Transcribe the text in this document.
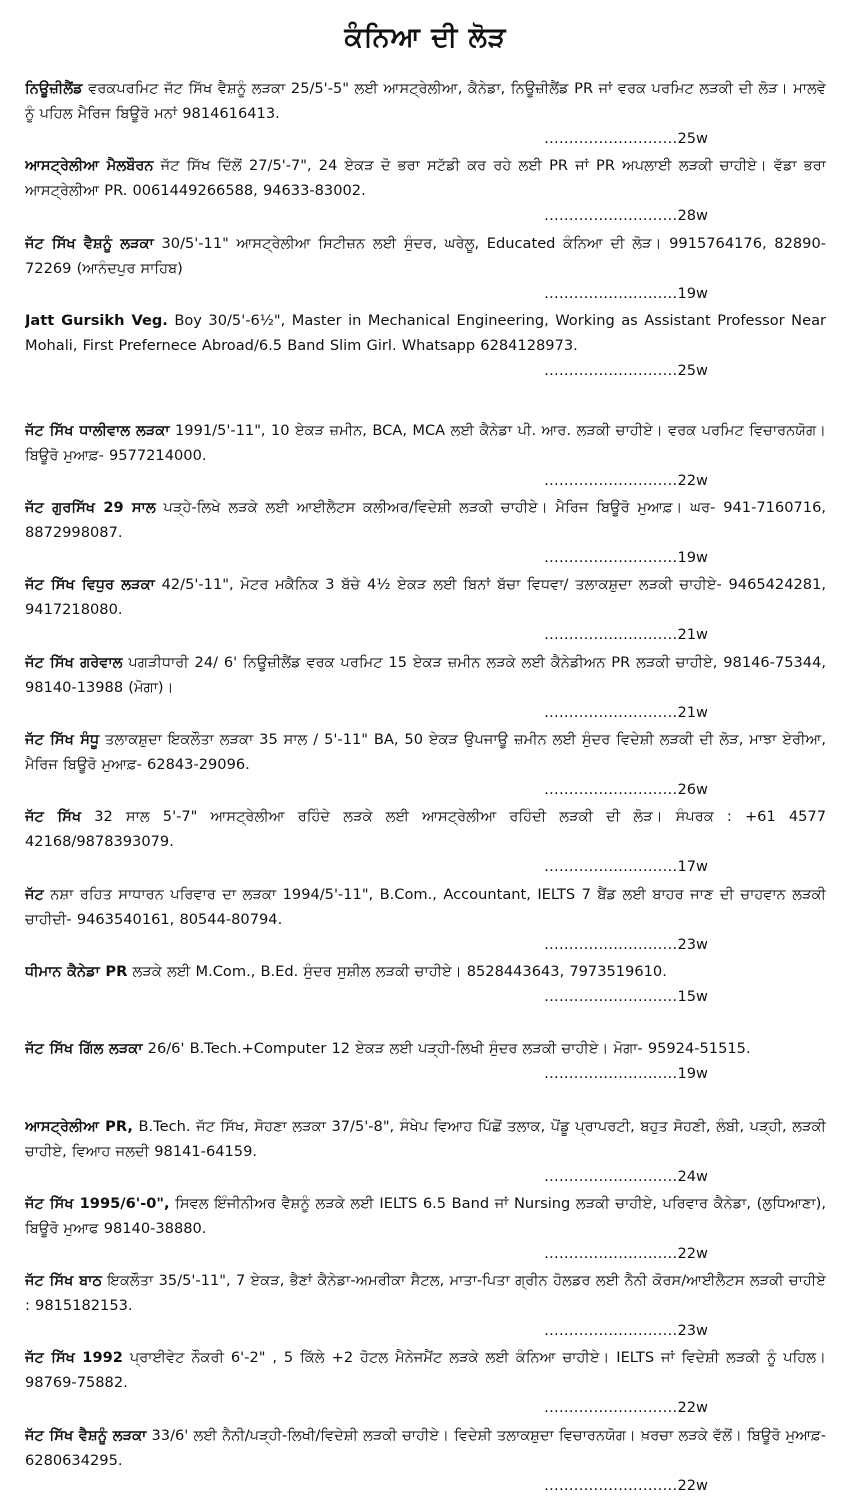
ਕੰਨਿਆ ਦੀ ਲੋੜ
ਨਿਊਜ਼ੀਲੈਂਡ ਵਰਕਪਰਮਿਟ ਜੱਟ ਸਿੱਖ ਵੈਸ਼ਨੂੰ ਲੜਕਾ 25/5'-5" ਲਈ ਆਸਟ੍ਰੇਲੀਆ, ਕੈਨੇਡਾ, ਨਿਊਜ਼ੀਲੈਂਡ PR ਜਾਂ ਵਰਕ ਪਰਮਿਟ ਲੜਕੀ ਦੀ ਲੋੜ। ਮਾਲਵੇ ਨੂੰ ਪਹਿਲ ਮੈਰਿਜ ਬਿਊਰੋ ਮਨਾਂ 9814616413.
...........................25w
ਆਸਟ੍ਰੇਲੀਆ ਮੈਲਬੌਰਨ ਜੱਟ ਸਿੱਖ ਦਿੱਲੋਂ 27/5'-7", 24 ਏਕੜ ਦੋ ਭਰਾ ਸਟੱਡੀ ਕਰ ਰਹੇ ਲਈ PR ਜਾਂ PR ਅਪਲਾਈ ਲੜਕੀ ਚਾਹੀਏ। ਵੱਡਾ ਭਰਾ ਆਸਟ੍ਰੇਲੀਆ PR. 0061449266588, 94633-83002.
...........................28w
ਜੱਟ ਸਿੱਖ ਵੈਸ਼ਨੂੰ ਲੜਕਾ 30/5'-11" ਆਸਟ੍ਰੇਲੀਆ ਸਿਟੀਜ਼ਨ ਲਈ ਸੁੰਦਰ, ਘਰੇਲੂ, Educated ਕੰਨਿਆ ਦੀ ਲੋੜ। 9915764176, 82890-72269 (ਆਨੰਦਪੁਰ ਸਾਹਿਬ)
...........................19w
Jatt Gursikh Veg. Boy 30/5'-6½", Master in Mechanical Engineering, Working as Assistant Professor Near Mohali, First Prefernece Abroad/6.5 Band Slim Girl. Whatsapp 6284128973.
...........................25w
ਜੱਟ ਸਿੱਖ ਧਾਲੀਵਾਲ ਲੜਕਾ 1991/5'-11", 10 ਏਕੜ ਜ਼ਮੀਨ, BCA, MCA ਲਈ ਕੈਨੇਡਾ ਪੀ. ਆਰ. ਲੜਕੀ ਚਾਹੀਏ। ਵਰਕ ਪਰਮਿਟ ਵਿਚਾਰਨਯੋਗ। ਬਿਊਰੋ ਮੁਆਫ਼- 9577214000.
...........................22w
ਜੱਟ ਗੁਰਸਿੱਖ 29 ਸਾਲ ਪੜ੍ਹੇ-ਲਿਖੇ ਲੜਕੇ ਲਈ ਆਈਲੈਟਸ ਕਲੀਅਰ/ਵਿਦੇਸ਼ੀ ਲੜਕੀ ਚਾਹੀਏ। ਮੈਰਿਜ ਬਿਊਰੋ ਮੁਆਫ਼। ਘਰ- 941-7160716, 8872998087.
...........................19w
ਜੱਟ ਸਿੱਖ ਵਿਧੁਰ ਲੜਕਾ 42/5'-11", ਮੋਟਰ ਮਕੈਨਿਕ 3 ਬੱਚੇ 4½ ਏਕੜ ਲਈ ਬਿਨਾਂ ਬੱਚਾ ਵਿਧਵਾ/ ਤਲਾਕਸ਼ੁਦਾ ਲੜਕੀ ਚਾਹੀਏ- 9465424281, 9417218080.
...........................21w
ਜੱਟ ਸਿੱਖ ਗਰੇਵਾਲ ਪਗੜੀਧਾਰੀ 24/ 6' ਨਿਊਜ਼ੀਲੈਂਡ ਵਰਕ ਪਰਮਿਟ 15 ਏਕੜ ਜ਼ਮੀਨ ਲੜਕੇ ਲਈ ਕੈਨੇਡੀਅਨ PR ਲੜਕੀ ਚਾਹੀਏ, 98146-75344, 98140-13988 (ਮੋਗਾ)।
...........................21w
ਜੱਟ ਸਿੱਖ ਸੰਧੂ ਤਲਾਕਸ਼ੁਦਾ ਇਕਲੌਤਾ ਲੜਕਾ 35 ਸਾਲ / 5'-11" BA, 50 ਏਕੜ ਉਪਜਾਊ ਜ਼ਮੀਨ ਲਈ ਸੁੰਦਰ ਵਿਦੇਸ਼ੀ ਲੜਕੀ ਦੀ ਲੋੜ, ਮਾਝਾ ਏਰੀਆ, ਮੈਰਿਜ ਬਿਊਰੋ ਮੁਆਫ਼- 62843-29096.
...........................26w
ਜੱਟ ਸਿੱਖ 32 ਸਾਲ 5'-7" ਆਸਟ੍ਰੇਲੀਆ ਰਹਿੰਦੇ ਲੜਕੇ ਲਈ ਆਸਟ੍ਰੇਲੀਆ ਰਹਿੰਦੀ ਲੜਕੀ ਦੀ ਲੋੜ। ਸੰਪਰਕ : +61 4577 42168/9878393079.
...........................17w
ਜੱਟ ਨਸ਼ਾ ਰਹਿਤ ਸਾਧਾਰਨ ਪਰਿਵਾਰ ਦਾ ਲੜਕਾ 1994/5'-11", B.Com., Accountant, IELTS 7 ਬੈਂਡ ਲਈ ਬਾਹਰ ਜਾਣ ਦੀ ਚਾਹਵਾਨ ਲੜਕੀ ਚਾਹੀਦੀ- 9463540161, 80544-80794.
...........................23w
ਧੀਮਾਨ ਕੈਨੇਡਾ PR ਲੜਕੇ ਲਈ M.Com., B.Ed. ਸੁੰਦਰ ਸੁਸ਼ੀਲ ਲੜਕੀ ਚਾਹੀਏ। 8528443643, 7973519610.
...........................15w
ਜੱਟ ਸਿੱਖ ਗਿੱਲ ਲੜਕਾ 26/6' B.Tech.+Computer 12 ਏਕੜ ਲਈ ਪੜ੍ਹੀ-ਲਿਖੀ ਸੁੰਦਰ ਲੜਕੀ ਚਾਹੀਏ। ਮੋਗਾ- 95924-51515.
...........................19w
ਆਸਟ੍ਰੇਲੀਆ PR, B.Tech. ਜੱਟ ਸਿੱਖ, ਸੋਹਣਾ ਲੜਕਾ 37/5'-8", ਸੰਖੇਪ ਵਿਆਹ ਪਿੱਛੋਂ ਤਲਾਕ, ਪੋਂਡੂ ਪ੍ਰਾਪਰਟੀ, ਬਹੁਤ ਸੋਹਣੀ, ਲੰਬੀ, ਪੜ੍ਹੀ, ਲੜਕੀ ਚਾਹੀਏ, ਵਿਆਹ ਜਲਦੀ 98141-64159.
...........................24w
ਜੱਟ ਸਿੱਖ 1995/6'-0", ਸਿਵਲ ਇੰਜੀਨੀਅਰ ਵੈਸ਼ਨੂੰ ਲੜਕੇ ਲਈ IELTS 6.5 Band ਜਾਂ Nursing ਲੜਕੀ ਚਾਹੀਏ, ਪਰਿਵਾਰ ਕੈਨੇਡਾ, (ਲੁਧਿਆਣਾ), ਬਿਊਰੋ ਮੁਆਫ 98140-38880.
...........................22w
ਜੱਟ ਸਿੱਖ ਬਾਠ ਇਕਲੌਤਾ 35/5'-11", 7 ਏਕੜ, ਭੈਣਾਂ ਕੈਨੇਡਾ-ਅਮਰੀਕਾ ਸੈਟਲ, ਮਾਤਾ-ਪਿਤਾ ਗ੍ਰੀਨ ਹੋਲਡਰ ਲਈ ਨੈਨੀ ਕੋਰਸ/ਆਈਲੈਟਸ ਲੜਕੀ ਚਾਹੀਏ : 9815182153.
...........................23w
ਜੱਟ ਸਿੱਖ 1992 ਪ੍ਰਾਈਵੇਟ ਨੌਕਰੀ 6'-2" , 5 ਕਿੱਲੇ +2 ਹੋਟਲ ਮੈਨੇਜਮੈਂਟ ਲੜਕੇ ਲਈ ਕੰਨਿਆ ਚਾਹੀਏ। IELTS ਜਾਂ ਵਿਦੇਸ਼ੀ ਲੜਕੀ ਨੂੰ ਪਹਿਲ। 98769-75882.
...........................22w
ਜੱਟ ਸਿੱਖ ਵੈਸ਼ਨੂੰ ਲੜਕਾ 33/6' ਲਈ ਨੈਨੀ/ਪੜ੍ਹੀ-ਲਿਖੀ/ਵਿਦੇਸ਼ੀ ਲੜਕੀ ਚਾਹੀਏ। ਵਿਦੇਸ਼ੀ ਤਲਾਕਸ਼ੁਦਾ ਵਿਚਾਰਨਯੋਗ। ਖ਼ਰਚਾ ਲੜਕੇ ਵੱਲੋਂ। ਬਿਊਰੋ ਮੁਆਫ਼- 6280634295.
...........................22w
